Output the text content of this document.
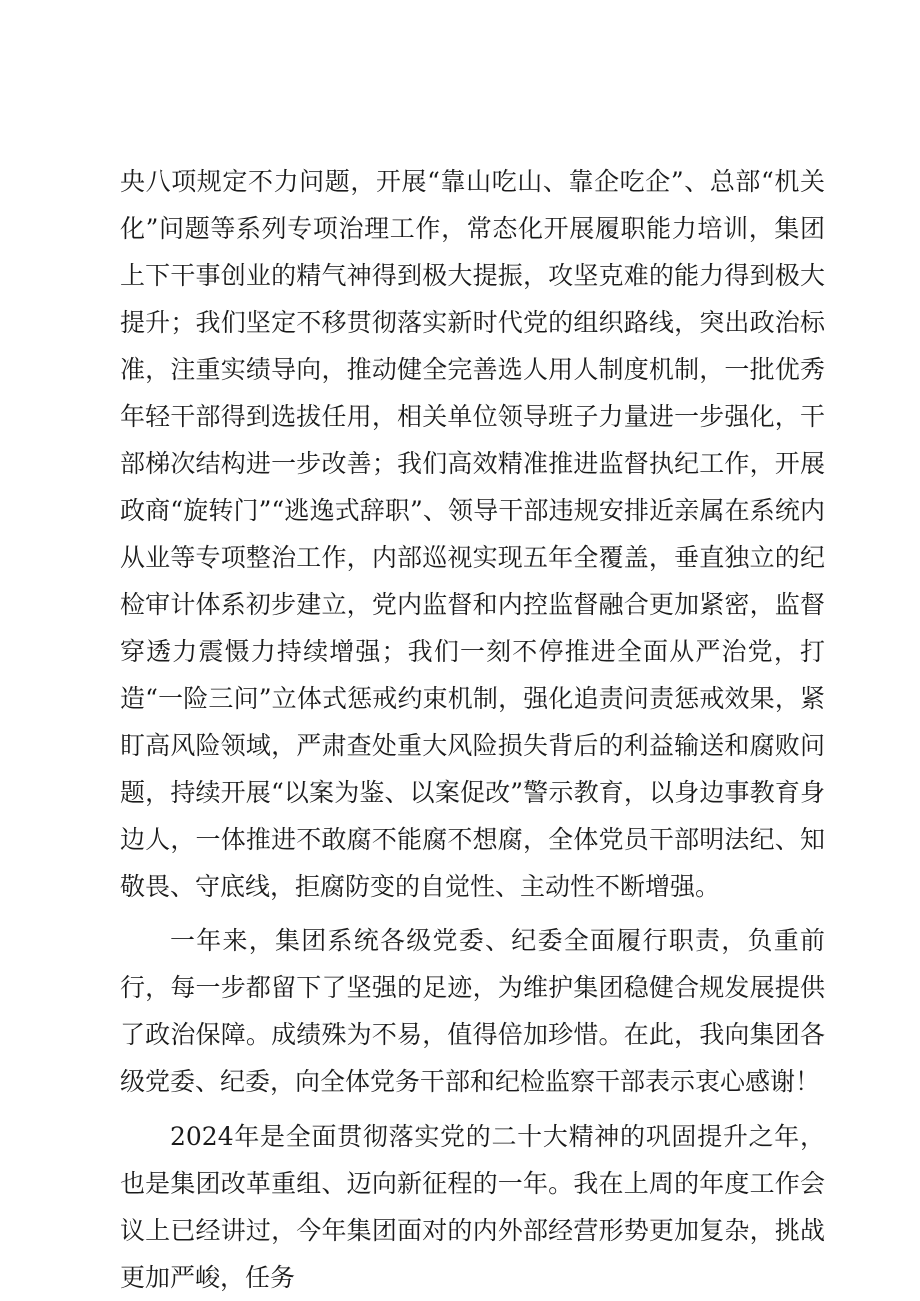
央八项规定不力问题，开展“靠山吃山、靠企吃企”、总部“机关化”问题等系列专项治理工作，常态化开展履职能力培训，集团上下干事创业的精气神得到极大提振，攻坚克难的能力得到极大提升；我们坚定不移贯彻落实新时代党的组织路线，突出政治标准，注重实绩导向，推动健全完善选人用人制度机制，一批优秀年轻干部得到选拔任用，相关单位领导班子力量进一步强化，干部梯次结构进一步改善；我们高效精准推进监督执纪工作，开展政商“旋转门”“逃逸式辞职”、领导干部违规安排近亲属在系统内从业等专项整治工作，内部巡视实现五年全覆盖，垂直独立的纪检审计体系初步建立，党内监督和内控监督融合更加紧密，监督穿透力震慑力持续增强；我们一刻不停推进全面从严治党，打造“一险三问”立体式惩戒约束机制，强化追责问责惩戒效果，紧盯高风险领域，严肃查处重大风险损失背后的利益输送和腐败问题，持续开展“以案为鉴、以案促改”警示教育，以身边事教育身边人，一体推进不敢腐不能腐不想腐，全体党员干部明法纪、知敬畏、守底线，拒腐防变的自觉性、主动性不断增强。

一年来，集团系统各级党委、纪委全面履行职责，负重前行，每一步都留下了坚强的足迹，为维护集团稳健合规发展提供了政治保障。成绩殊为不易，值得倍加珍惜。在此，我向集团各级党委、纪委，向全体党务干部和纪检监察干部表示衷心感谢！

2024年是全面贯彻落实党的二十大精神的巩固提升之年，也是集团改革重组、迈向新征程的一年。我在上周的年度工作会议上已经讲过，今年集团面对的内外部经营形势更加复杂，挑战更加严峻，任务
